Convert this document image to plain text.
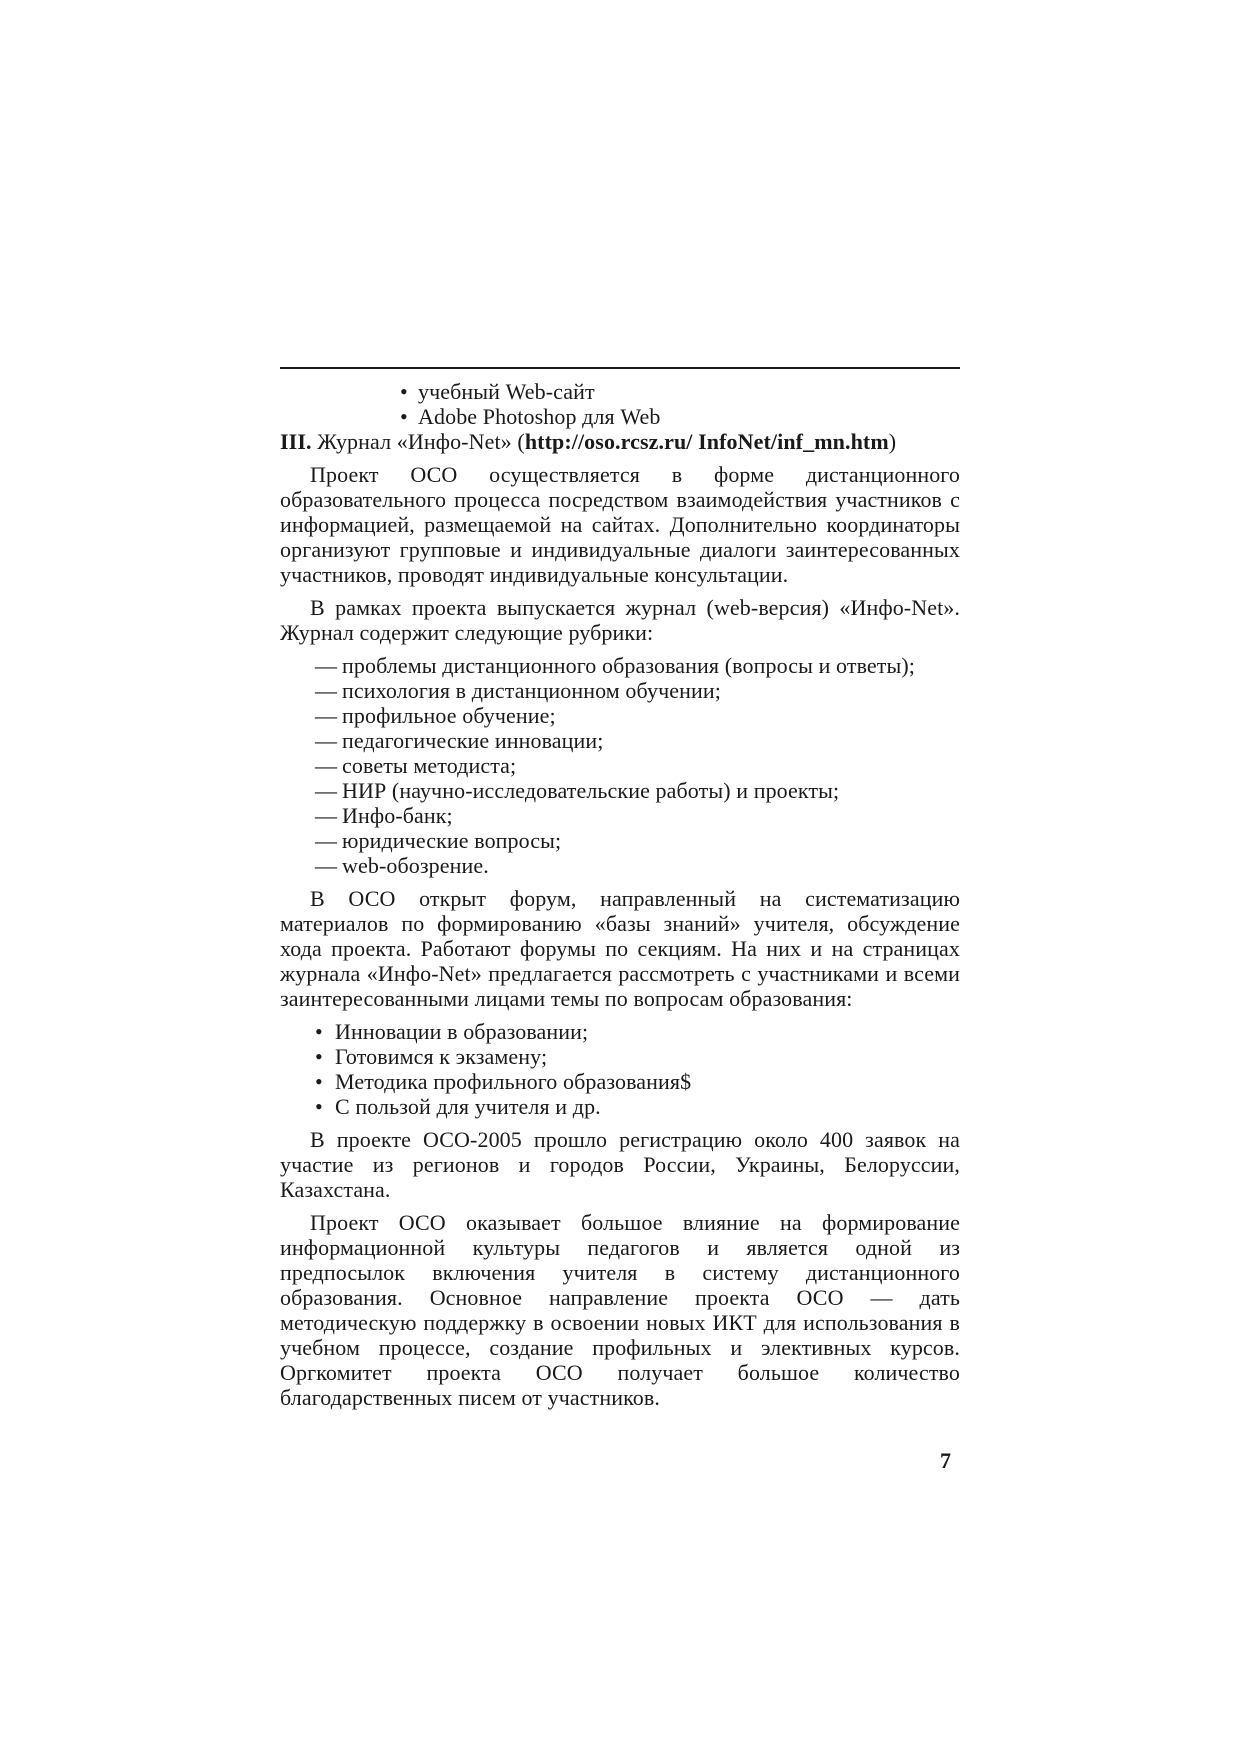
• учебный Web-сайт
• Adobe Photoshop для Web
III. Журнал «Инфо-Net» (http://oso.rcsz.ru/ InfoNet/inf_mn.htm)

Проект ОСО осуществляется в форме дистанционного образовательного процесса посредством взаимодействия участников с информацией, размещаемой на сайтах. Дополнительно координаторы организуют групповые и индивидуальные диалоги заинтересованных участников, проводят индивидуальные консультации.

В рамках проекта выпускается журнал (web-версия) «Инфо-Net». Журнал содержит следующие рубрики:

— проблемы дистанционного образования (вопросы и ответы);
— психология в дистанционном обучении;
— профильное обучение;
— педагогические инновации;
— советы методиста;
— НИР (научно-исследовательские работы) и проекты;
— Инфо-банк;
— юридические вопросы;
— web-обозрение.

В ОСО открыт форум, направленный на систематизацию материалов по формированию «базы знаний» учителя, обсуждение хода проекта. Работают форумы по секциям. На них и на страницах журнала «Инфо-Net» предлагается рассмотреть с участниками и всеми заинтересованными лицами темы по вопросам образования:

• Инновации в образовании;
• Готовимся к экзамену;
• Методика профильного образования$
• С пользой для учителя и др.

В проекте ОСО-2005 прошло регистрацию около 400 заявок на участие из регионов и городов России, Украины, Белоруссии, Казахстана.

Проект ОСО оказывает большое влияние на формирование информационной культуры педагогов и является одной из предпосылок включения учителя в систему дистанционного образования. Основное направление проекта ОСО — дать методическую поддержку в освоении новых ИКТ для использования в учебном процессе, создание профильных и элективных курсов. Оргкомитет проекта ОСО получает большое количество благодарственных писем от участников.

7
